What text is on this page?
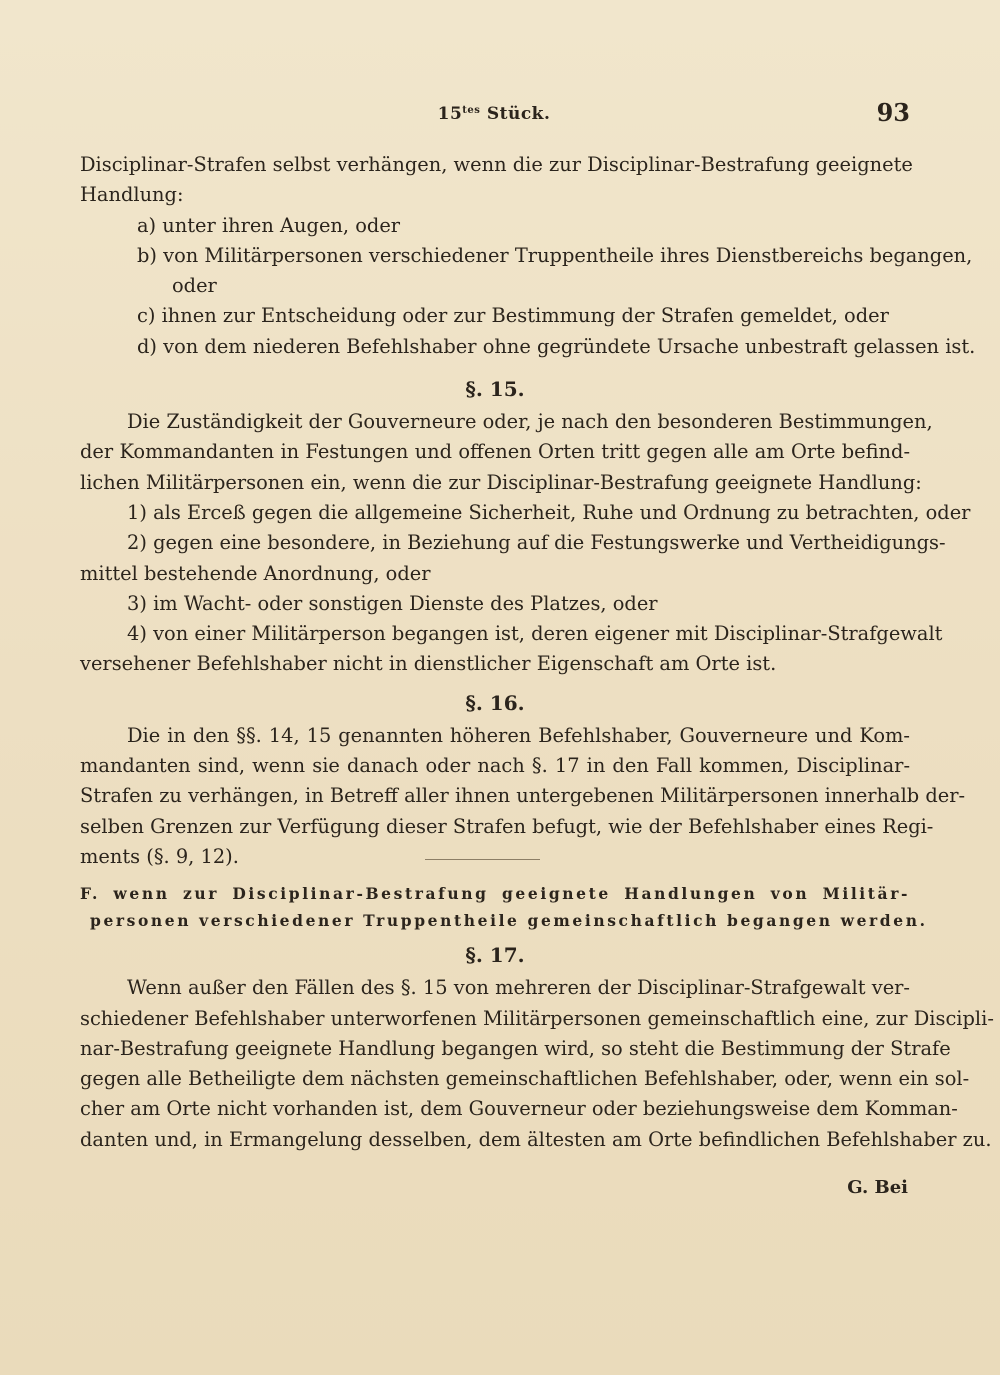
$15^{tes}$ Stück.	93
Disciplinar-Strafen selbst verhängen, wenn die zur Disciplinar-Bestrafung geeignete
Handlung:
a) unter ihren Augen, oder
b) von Militärpersonen verschiedener Truppentheile ihres Dienstbereichs begangen,
oder
c) ihnen zur Entscheidung oder zur Bestimmung der Strafen gemeldet, oder
d) von dem niederen Befehlshaber ohne gegründete Ursache unbestraft gelassen ist.
§. 15.
Die Zuständigkeit der Gouverneure oder, je nach den besonderen Bestimmungen,
der Kommandanten in Festungen und offenen Orten tritt gegen alle am Orte befind-
lichen Militärpersonen ein, wenn die zur Disciplinar-Bestrafung geeignete Handlung:
1) als Erceß gegen die allgemeine Sicherheit, Ruhe und Ordnung zu betrachten, oder
2) gegen eine besondere, in Beziehung auf die Festungswerke und Vertheidigungs-
mittel bestehende Anordnung, oder
3) im Wacht- oder sonstigen Dienste des Platzes, oder
4) von einer Militärperson begangen ist, deren eigener mit Disciplinar-Strafgewalt
versehener Befehlshaber nicht in dienstlicher Eigenschaft am Orte ist.
§. 16.
Die in den §§. 14, 15 genannten höheren Befehlshaber, Gouverneure und Kom-
mandanten sind, wenn sie danach oder nach §. 17 in den Fall kommen, Disciplinar-
Strafen zu verhängen, in Betreff aller ihnen untergebenen Militärpersonen innerhalb der-
selben Grenzen zur Verfügung dieser Strafen befugt, wie der Befehlshaber eines Regi-
ments (§. 9, 12).
F. wenn zur Disciplinar-Bestrafung geeignete Handlungen von Militär-
personen verschiedener Truppentheile gemeinschaftlich begangen werden.
§. 17.
Wenn außer den Fällen des §. 15 von mehreren der Disciplinar-Strafgewalt ver-
schiedener Befehlshaber unterworfenen Militärpersonen gemeinschaftlich eine, zur Discipli-
nar-Bestrafung geeignete Handlung begangen wird, so steht die Bestimmung der Strafe
gegen alle Betheiligte dem nächsten gemeinschaftlichen Befehlshaber, oder, wenn ein sol-
cher am Orte nicht vorhanden ist, dem Gouverneur oder beziehungsweise dem Komman-
danten und, in Ermangelung desselben, dem ältesten am Orte befindlichen Befehlshaber zu.
G. Bei
